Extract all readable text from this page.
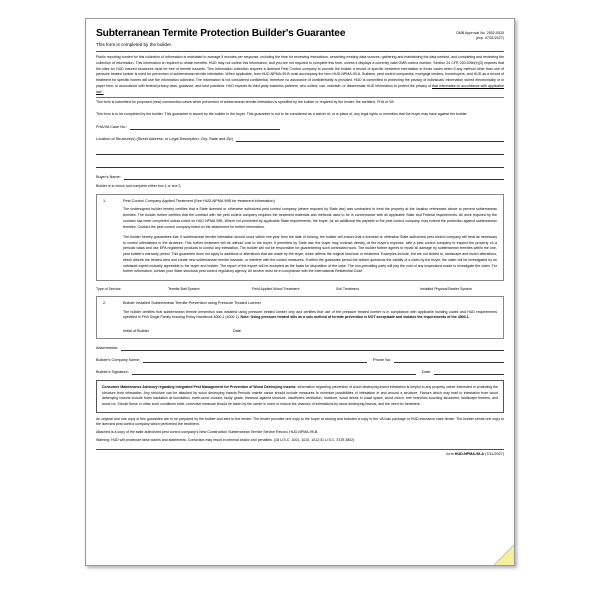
Subterranean Termite Protection Builder's Guarantee
This form is completed by the builder.
OMB Approval No. 2502-0525
(exp. 07/31/2027)

Public reporting burden for this collection of information is estimated to average 5 minutes per response, including the time for reviewing instructions, searching existing data sources, gathering and maintaining the data needed, and completing and reviewing the collection of information. This information is required to obtain benefits. HUD may not collect this information, and you are not required to complete this form, unless it displays a currently valid OMB control number. Section 24 CFR 200.926b(b)(3) requires that the sites for HUD insured structures must be free of termite hazards. This information collection requires a licensed Pest Control company to provide the builder a record of specific treatment information in those cases when if any method other than use of pressure treated lumber is used for prevention of subterranean termite infestation. When applicable, form HUD-NPMA-99-B must accompany the form HUD-NPMA-99-A. Builders, pest control companies, mortgage lenders, homebuyers, and HUD as a record of treatment for specific homes will use the information collected. The information is not considered confidential, therefore no assurance of confidentiality is provided. HUD is committed to protecting the privacy of individuals' information stored electronically or in paper form, in accordance with federal privacy laws, guidance, and best practices. HUD expects its third-party business partners, who collect, use, maintain, or disseminate HUD information to protect the privacy of that information in accordance with applicable law".

This form is submitted for proposed (new) construction cases when prevention of subterranean termite infestation is specified by the builder or required by the lender, the architect, FHA or VA.

This form is to be completed by the builder. This guarantee is issued by the builder to the buyer. This guarantee is not to be considered as a waiver of, or in place of, any legal rights or remedies that the buyer may have against the builder.

FHA/VA Case No.:
Location of Structure(s) (Street Address, or Legal Description, City, State and Zip)
Buyer's Name:

Builder is to check and complete either box 1 or box 2.

1.	Pest Control Company Applied Treatment (See HUD-NPMA 99B for treatment information)

The undersigned builder hereby certifies that a State licensed or otherwise authorized pest control company (where required by State law) was contracted to treat the property at the location referenced above to prevent subterranean termites. The builder further certifies that the contract with the pest control company required the treatment materials and methods used to be in conformance with all applicable State and Federal requirements. All work required by the contract has been completed unless noted on HUD-NPMA 99B. Where not prohibited by applicable State requirements, the buyer, for an additional fee payable to the pest control company, may extend the protection against subterranean termites. Contact the pest control company listed on the attachment for further information.

The builder hereby guarantees that, if subterranean termite infestation should occur within one year from the date of closing, the builder will ensure that a licensed or otherwise State authorized pest control company will treat as necessary to control infestations in the structure. This further treatment will be without cost to the buyer. If permitted by State law, the buyer may contract directly, at the buyer's expense, with a pest control company to inspect the property on a periodic basis and use EPA registered products to control any infestation. The builder will not be responsible for guaranteeing such contracted work. The builder further agrees to repair all damage by subterranean termites within the one-year builder's warranty period. This guarantee does not apply to additions or alterations that are made by the buyer, which affects the original structure or treatment. Examples include, but are not limited to, landscape and mulch alterations, which disturb the treated area and create new subterranean termite hazards, or interfere with the control measures. If within the guarantee period the builder questions the validity of a claim by the buyer, the claim will be investigated by an unbiased expert mutually agreeable to the buyer and builder. The report of the expert will be accepted as the basis for disposition of the case. The non-prevailing party will pay the cost of any inspections made to investigate the claim. For further information, contact your State structural pest control regulatory agency. All service must be in compliance with the International Residential Code.

Type of Service:	Termite Bait System	Field Applied Wood Treatment	Soil Treatment	Installed Physical Barrier System
2.	Builder Installed Subterranean Termite Prevention using Pressure Treated Lumber

The builder certifies that subterranean termite prevention was installed using pressure treated lumber only and certifies that use of the pressure treated lumber is in compliance with applicable building codes and HUD requirements specified in FHA Single Family Housing Policy Handbook 4000.1 (4000.1). Note: Using pressure treated sills as a sole method of termite prevention is NOT acceptable and violates the requirements of the 4000.1.

Initial of Builder	Date
Attachments:
Builder's Company Name:	Phone No:
Builder's Signature:	Date:

Consumer Maintenance Advisory regarding integrated Pest Management for Prevention of Wood Destroying insects. Information regarding prevention of wood destroying insect infestation is helpful to any property owner interested in protecting the structure from infestation. Any structure can be attacked by wood destroying insects.Periodic mainte nance should include measures to minimize possibilities of infestation in and around a structure. Factors which may lead to infestation from wood destroying insects include foam insulation at foundation, earth-wood contact, faulty grade, firewood against structure, insufficient ventilation, moisture, wood debris in crawl space, wood mulch, tree branches touching structures, landscape timbers, and wood rot. Should these or other such conditions exist, corrective measure should be taken by the owner in order to reduce the chances of infestations by wood destroying insects, and the need for treatment.

An original and one copy of this guarantee are to be prepared by the builder and sent to the lender. The lender provides one copy to the buyer at closing and includes a copy in the VA loan package or HUD insurance case binder. The builder sends one copy to the licensed pest control company which performed the treatment.

Attached is a copy of the state authorized pest control company's New Construction Subterranean Termite Service Record, HUD-NPMA-99-B.

Warning: HUD will prosecute false claims and statements. Conviction may result in criminal and/or civil penalties. (18 U.S.C. 1001, 1010, 1012;31 U.S.C. 3729,3802)

form HUD-NPMA-99-A (7/31/2027)
